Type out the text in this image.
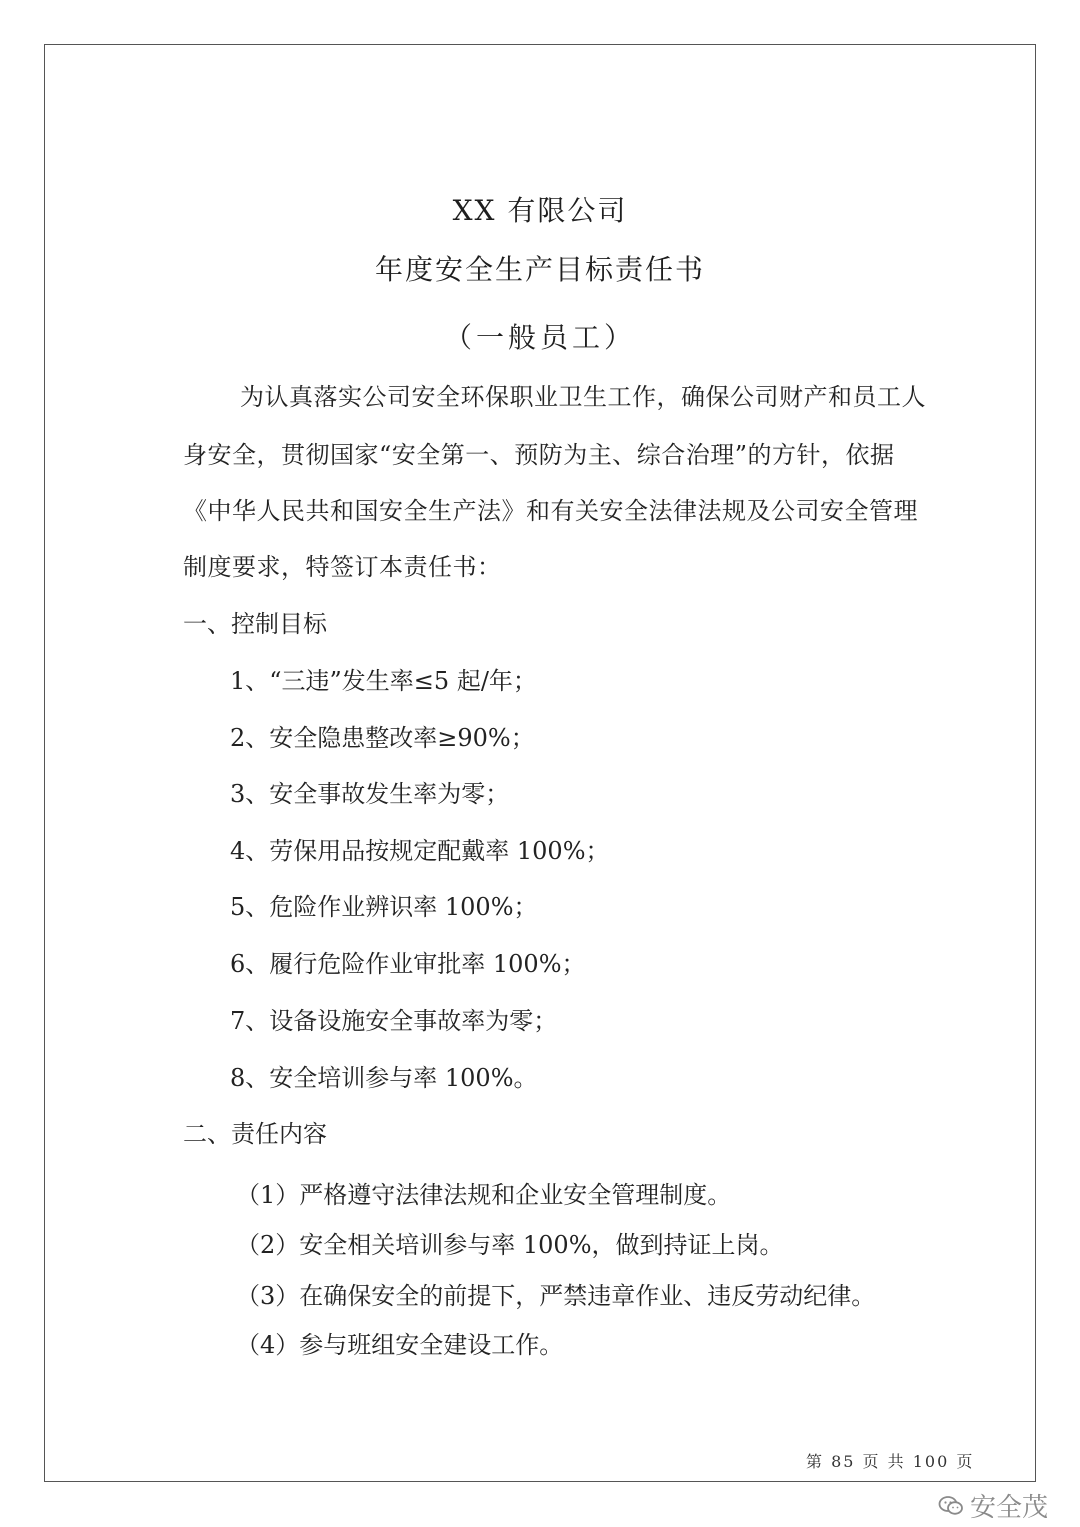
XX 有限公司
年度安全生产目标责任书
（一般员工）
为认真落实公司安全环保职业卫生工作，确保公司财产和员工人
身安全，贯彻国家“安全第一、预防为主、综合治理”的方针，依据
《中华人民共和国安全生产法》和有关安全法律法规及公司安全管理
制度要求，特签订本责任书：
一、控制目标
1、“三违”发生率≤5 起/年；
2、安全隐患整改率≥90%；
3、安全事故发生率为零；
4、劳保用品按规定配戴率 100%；
5、危险作业辨识率 100%；
6、履行危险作业审批率 100%；
7、设备设施安全事故率为零；
8、安全培训参与率 100%。
二、责任内容
（1）严格遵守法律法规和企业安全管理制度。
（2）安全相关培训参与率 100%，做到持证上岗。
（3）在确保安全的前提下，严禁违章作业、违反劳动纪律。
（4）参与班组安全建设工作。
第 85 页 共 100 页
安全茂
